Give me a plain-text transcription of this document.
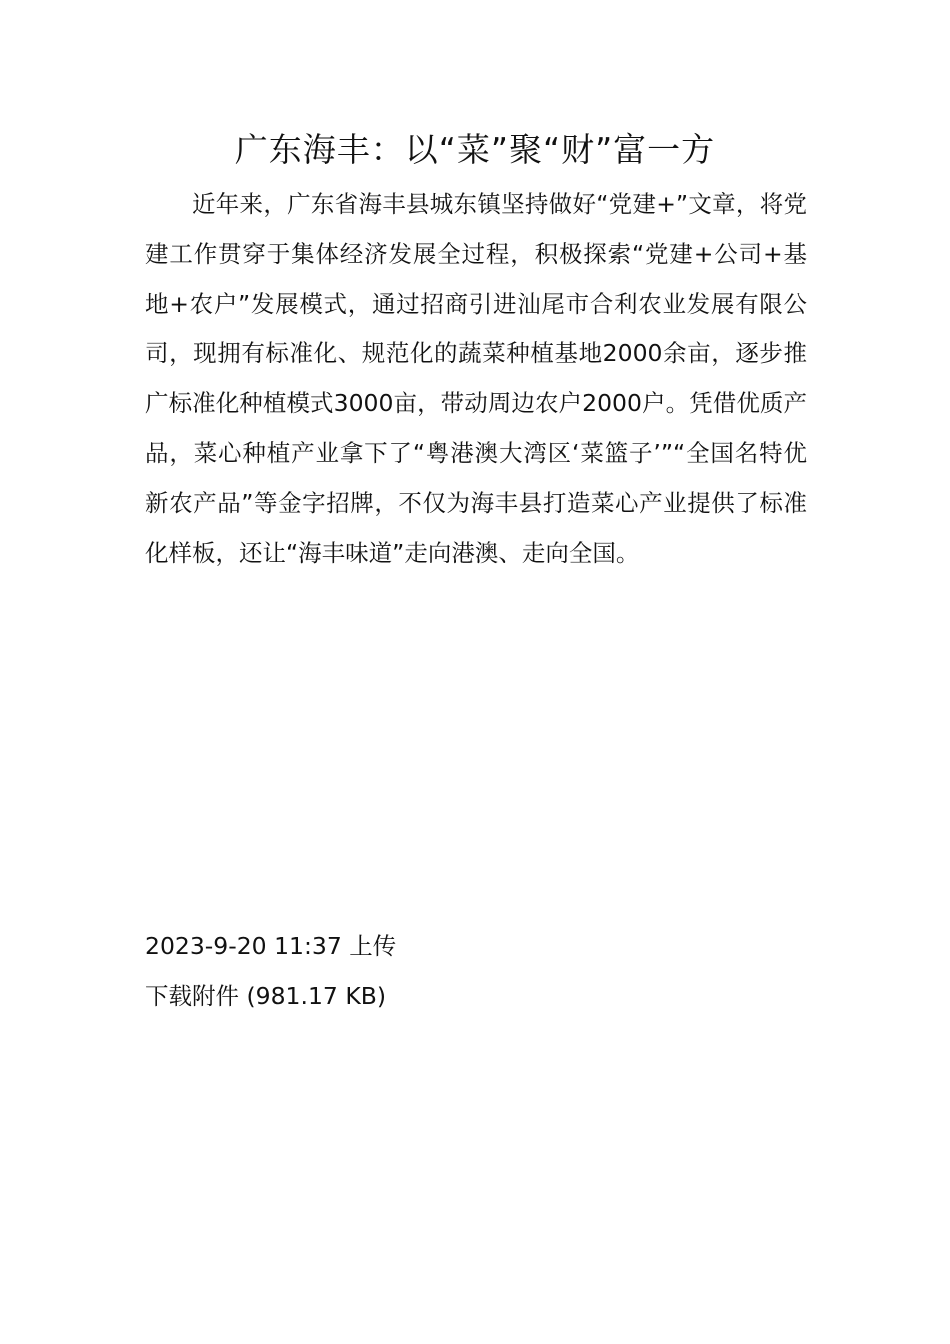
广东海丰：以“菜”聚“财”富一方

近年来，广东省海丰县城东镇坚持做好“党建+”文章，将党建工作贯穿于集体经济发展全过程，积极探索“党建+公司+基地+农户”发展模式，通过招商引进汕尾市合利农业发展有限公司，现拥有标准化、规范化的蔬菜种植基地2000余亩，逐步推广标准化种植模式3000亩，带动周边农户2000户。凭借优质产品，菜心种植产业拿下了“粤港澳大湾区‘菜篮子’”“全国名特优新农产品”等金字招牌，不仅为海丰县打造菜心产业提供了标准化样板，还让“海丰味道”走向港澳、走向全国。

2023-9-20 11:37 上传
下载附件 (981.17 KB)
